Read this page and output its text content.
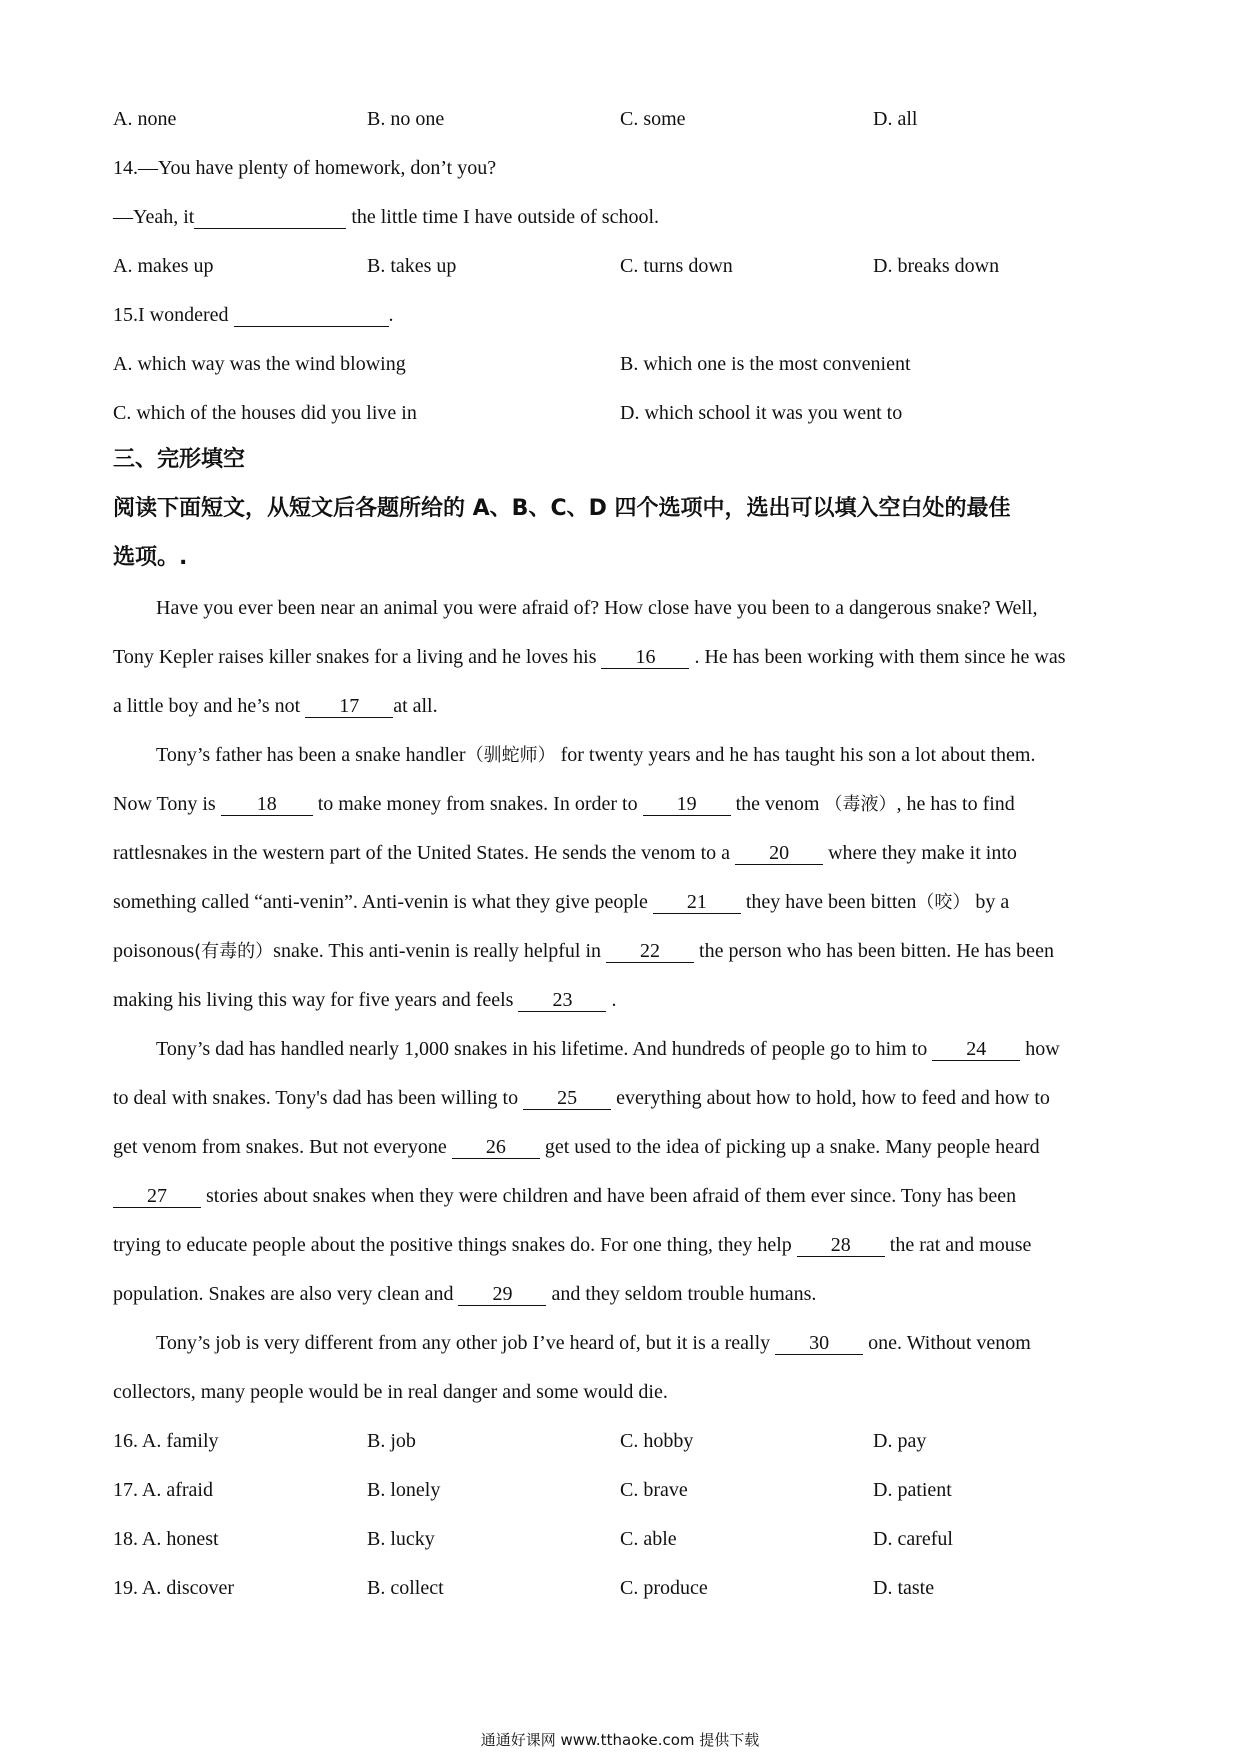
A. none	B. no one	C. some	D. all
14.—You have plenty of homework, don’t you?
—Yeah, it	the little time I have outside of school.
A. makes up	B. takes up	C. turns down	D. breaks down
15.I wondered	.
A. which way was the wind blowing	B. which one is the most convenient
C. which of the houses did you live in	D. which school it was you went to
三、完形填空
阅读下面短文，从短文后各题所给的 A、B、C、D 四个选项中，选出可以填入空白处的最佳
选项。.
Have you ever been near an animal you were afraid of? How close have you been to a dangerous snake? Well,
Tony Kepler raises killer snakes for a living and he loves his 16 . He has been working with them since he was
a little boy and he’s not 17 at all.
Tony’s father has been a snake handler（驯蛇师） for twenty years and he has taught his son a lot about them.
Now Tony is 18 to make money from snakes. In order to 19 the venom （毒液）, he has to find
rattlesnakes in the western part of the United States. He sends the venom to a 20 where they make it into
something called “anti-venin”. Anti-venin is what they give people 21 they have been bitten（咬） by a
poisonous(有毒的）snake. This anti-venin is really helpful in 22 the person who has been bitten. He has been
making his living this way for five years and feels 23 .
Tony’s dad has handled nearly 1,000 snakes in his lifetime. And hundreds of people go to him to 24 how
to deal with snakes. Tony's dad has been willing to 25 everything about how to hold, how to feed and how to
get venom from snakes. But not everyone 26 get used to the idea of picking up a snake. Many people heard
27 stories about snakes when they were children and have been afraid of them ever since. Tony has been
trying to educate people about the positive things snakes do. For one thing, they help 28 the rat and mouse
population. Snakes are also very clean and 29 and they seldom trouble humans.
Tony’s job is very different from any other job I’ve heard of, but it is a really 30 one. Without venom
collectors, many people would be in real danger and some would die.
16. A. family	B. job	C. hobby	D. pay
17. A. afraid	B. lonely	C. brave	D. patient
18. A. honest	B. lucky	C. able	D. careful
19. A. discover	B. collect	C. produce	D. taste
通通好课网 www.tthaoke.com 提供下载
